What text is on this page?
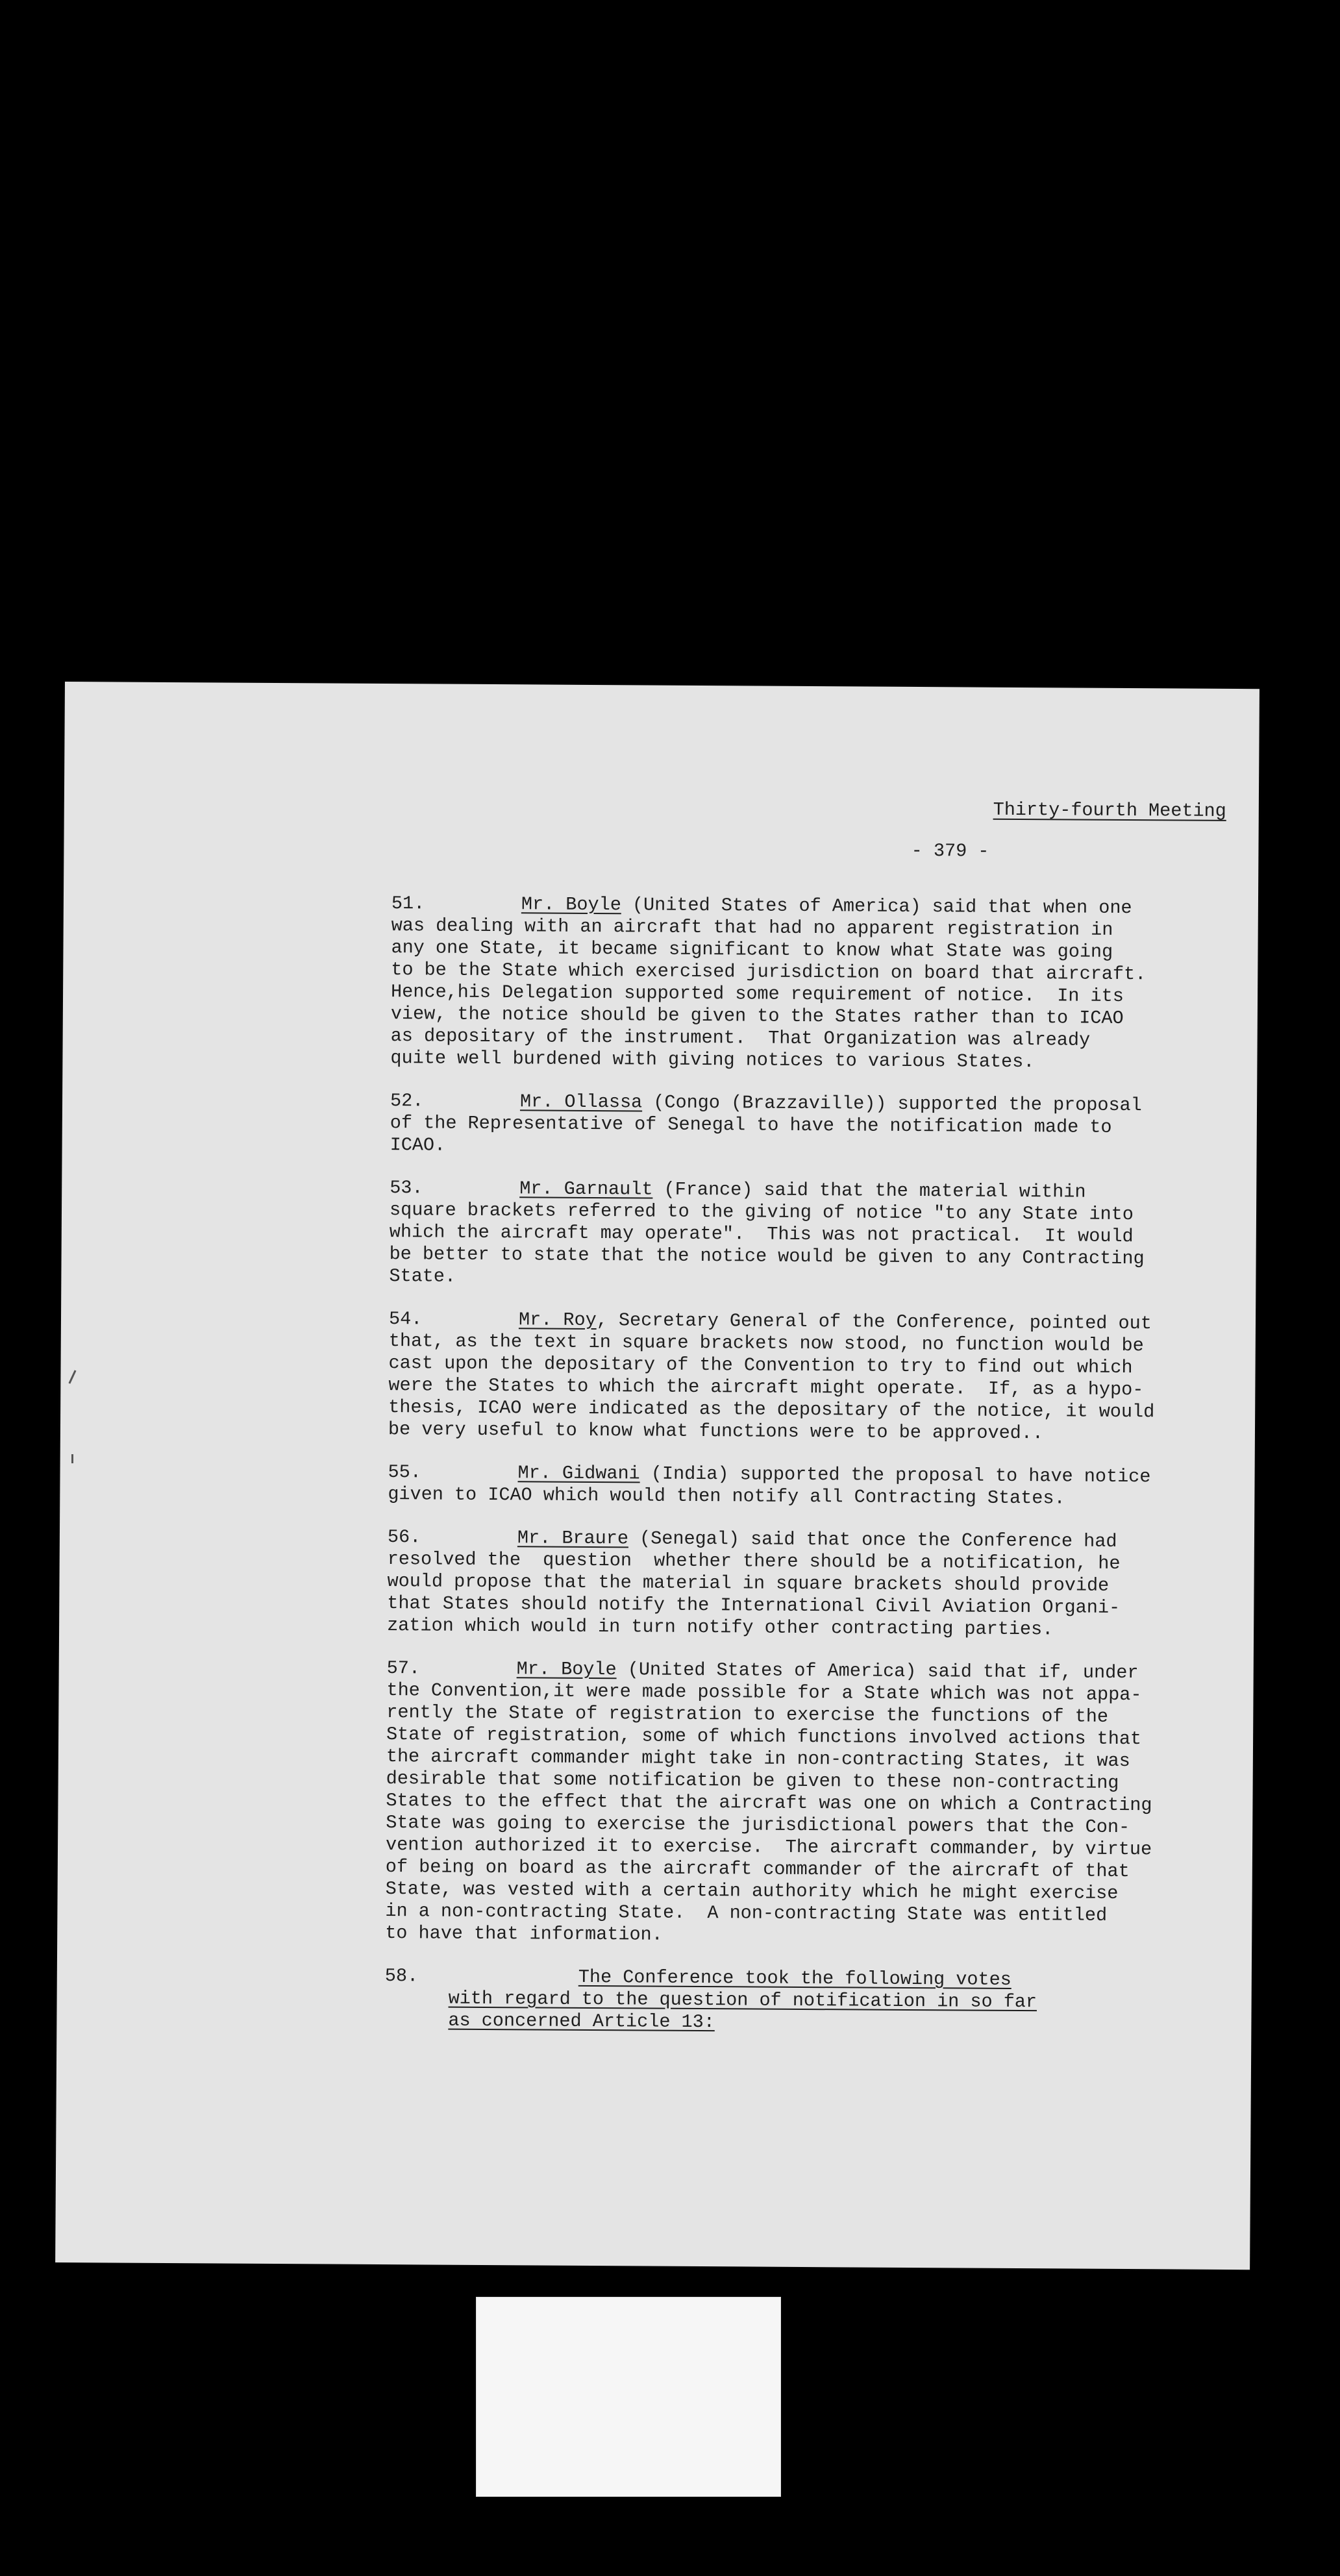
Thirty-fourth Meeting
- 379 -
51.	Mr. Boyle (United States of America) said that when one
was dealing with an aircraft that had no apparent registration in
any one State, it became significant to know what State was going
to be the State which exercised jurisdiction on board that aircraft.
Hence,his Delegation supported some requirement of notice.  In its
view, the notice should be given to the States rather than to ICAO
as depositary of the instrument.  That Organization was already
quite well burdened with giving notices to various States.
52.	Mr. Ollassa (Congo (Brazzaville)) supported the proposal
of the Representative of Senegal to have the notification made to
ICAO.
53.	Mr. Garnault (France) said that the material within
square brackets referred to the giving of notice "to any State into
which the aircraft may operate".  This was not practical.  It would
be better to state that the notice would be given to any Contracting
State.
54.	Mr. Roy, Secretary General of the Conference, pointed out
that, as the text in square brackets now stood, no function would be
cast upon the depositary of the Convention to try to find out which
were the States to which the aircraft might operate.  If, as a hypo-
thesis, ICAO were indicated as the depositary of the notice, it would
be very useful to know what functions were to be approved..
55.	Mr. Gidwani (India) supported the proposal to have notice
given to ICAO which would then notify all Contracting States.
56.	Mr. Braure (Senegal) said that once the Conference had
resolved the  question  whether there should be a notification, he
would propose that the material in square brackets should provide
that States should notify the International Civil Aviation Organi-
zation which would in turn notify other contracting parties.
57.	Mr. Boyle (United States of America) said that if, under
the Convention,it were made possible for a State which was not appa-
rently the State of registration to exercise the functions of the
State of registration, some of which functions involved actions that
the aircraft commander might take in non-contracting States, it was
desirable that some notification be given to these non-contracting
States to the effect that the aircraft was one on which a Contracting
State was going to exercise the jurisdictional powers that the Con-
vention authorized it to exercise.  The aircraft commander, by virtue
of being on board as the aircraft commander of the aircraft of that
State, was vested with a certain authority which he might exercise
in a non-contracting State.  A non-contracting State was entitled
to have that information.
58.	The Conference took the following votes
with regard to the question of notification in so far
as concerned Article 13:
